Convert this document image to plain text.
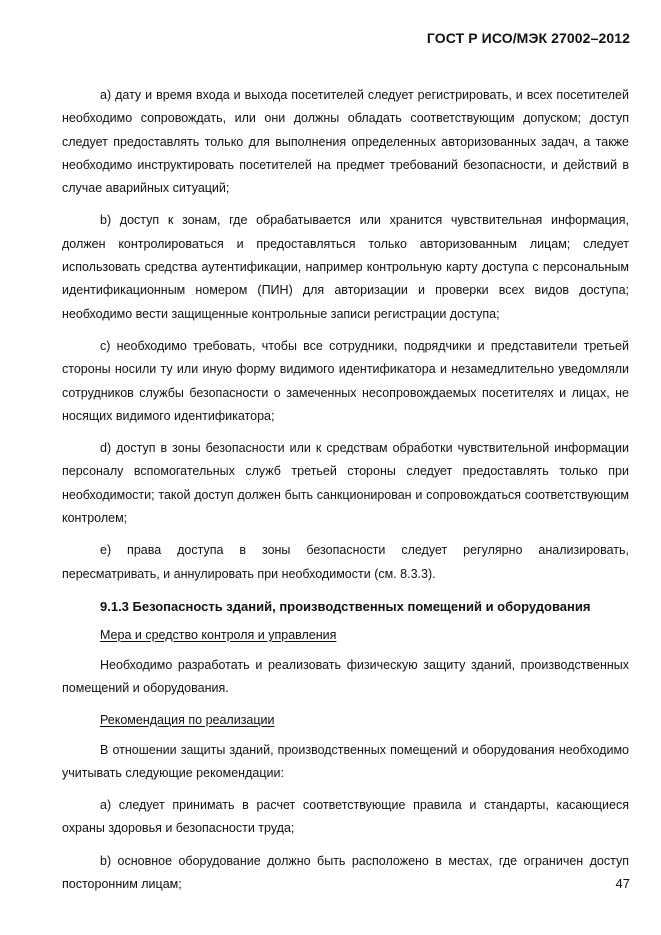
ГОСТ Р ИСО/МЭК 27002–2012

а) дату и время входа и выхода посетителей следует регистрировать, и всех посетителей необходимо сопровождать, или они должны обладать соответствующим допуском; доступ следует предоставлять только для выполнения определенных авторизованных задач, а также необходимо инструктировать посетителей на предмет требований безопасности, и действий в случае аварийных ситуаций;

b) доступ к зонам, где обрабатывается или хранится чувствительная информация, должен контролироваться и предоставляться только авторизованным лицам; следует использовать средства аутентификации, например контрольную карту доступа с персональным идентификационным номером (ПИН) для авторизации и проверки всех видов доступа; необходимо вести защищенные контрольные записи регистрации доступа;

c) необходимо требовать, чтобы все сотрудники, подрядчики и представители третьей стороны носили ту или иную форму видимого идентификатора и незамедлительно уведомляли сотрудников службы безопасности о замеченных несопровождаемых посетителях и лицах, не носящих видимого идентификатора;

d) доступ в зоны безопасности или к средствам обработки чувствительной информации персоналу вспомогательных служб третьей стороны следует предоставлять только при необходимости; такой доступ должен быть санкционирован и сопровождаться соответствующим контролем;

e) права доступа в зоны безопасности следует регулярно анализировать, пересматривать, и аннулировать при необходимости (см. 8.3.3).

9.1.3 Безопасность зданий, производственных помещений и оборудования
Мера и средство контроля и управления

Необходимо разработать и реализовать физическую защиту зданий, производственных помещений и оборудования.

Рекомендация по реализации

В отношении защиты зданий, производственных помещений и оборудования необходимо учитывать следующие рекомендации:

а) следует принимать в расчет соответствующие правила и стандарты, касающиеся охраны здоровья и безопасности труда;

b) основное оборудование должно быть расположено в местах, где ограничен доступ посторонним лицам;	47
